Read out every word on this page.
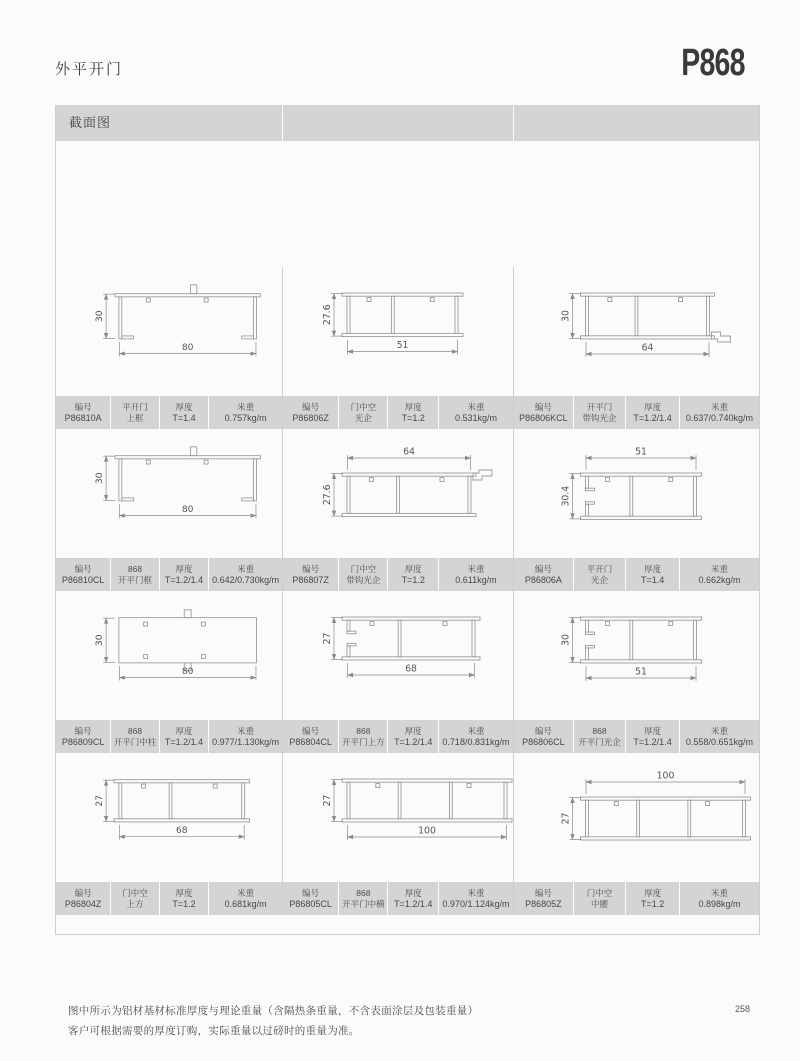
外平开门	P868
截面图
30
80
编号
P86810A
平开门
上框
厚度
T=1.4
米重
0.757kg/m
27.6
51
编号
P86806Z
门中空
光企
厚度
T=1.2
米重
0.531kg/m
30
64
编号
P86806KCL
开平门
带钩光企
厚度
T=1.2/1.4
米重
0.637/0.740kg/m
30
80
编号
P86810CL
868
开平门框
厚度
T=1.2/1.4
米重
0.642/0.730kg/m
27.6
64
编号
P86807Z
门中空
带钩光企
厚度
T=1.2
米重
0.611kg/m
30.4
51
编号
P86806A
平开门
光企
厚度
T=1.4
米重
0.662kg/m
30
80
编号
P86809CL
868
开平门中柱
厚度
T=1.2/1.4
米重
0.977/1.130kg/m
27
68
编号
P86804CL
868
开平门上方
厚度
T=1.2/1.4
米重
0.718/0.831kg/m
30
51
编号
P86806CL
868
开平门光企
厚度
T=1.2/1.4
米重
0.558/0.651kg/m
27
68
编号
P86804Z
门中空
上方
厚度
T=1.2
米重
0.681kg/m
27
100
编号
P86805CL
868
开平门中横
厚度
T=1.2/1.4
米重
0.970/1.124kg/m
27
100
编号
P86805Z
门中空
中腰
厚度
T=1.2
米重
0.898kg/m
图中所示为铝材基材标准厚度与理论重量（含隔热条重量，不含表面涂层及包装重量）
客户可根据需要的厚度订购，实际重量以过磅时的重量为准。
258
